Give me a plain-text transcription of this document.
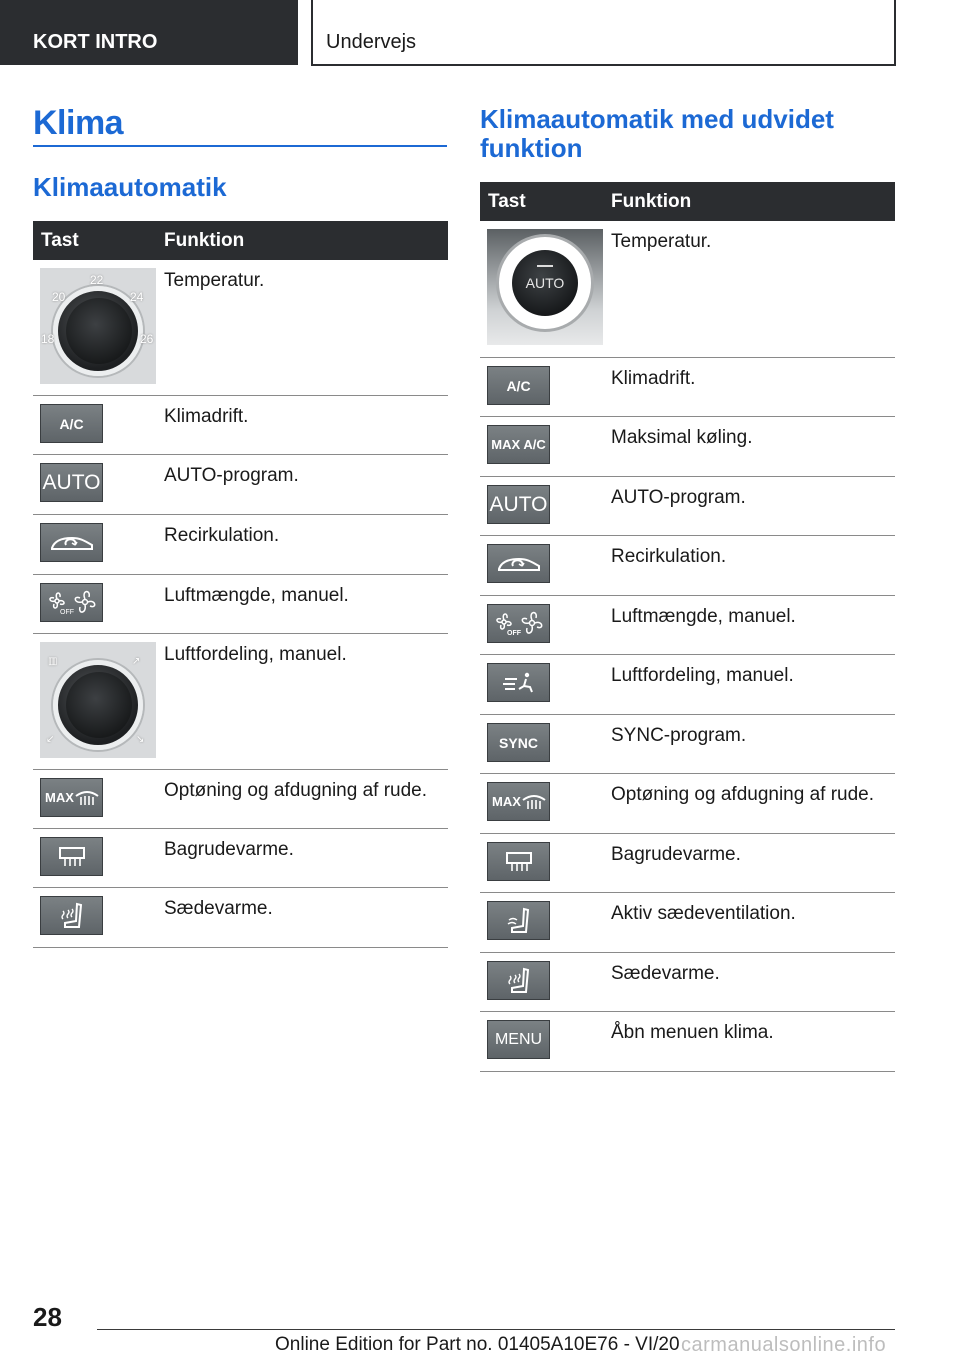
KORT INTRO	Undervejs
Klima
Klimaautomatik
Tast	Funktion
22
20	24
18	26
Temperatur.
A/C	Klimadrift.
AUTO	AUTO-program.
Recirkulation.
OFF
Luftmængde, manuel.
▥	↗
↙	↘
Luftfordeling, manuel.
MAX	Optøning og afdugning af rude.
Bagrudevarme.
Sædevarme.
Klimaautomatik med udvidet funktion
Tast	Funktion
AUTO
Temperatur.
A/C	Klimadrift.
MAX A/C	Maksimal køling.
AUTO	AUTO-program.
Recirkulation.
OFF
Luftmængde, manuel.
Luftfordeling, manuel.
SYNC	SYNC-program.
MAX	Optøning og afdugning af rude.
Bagrudevarme.
Aktiv sædeventilation.
Sædevarme.
MENU	Åbn menuen klima.
28
Online Edition for Part no. 01405A10E76 - VI/20 carmanualsonline.info
